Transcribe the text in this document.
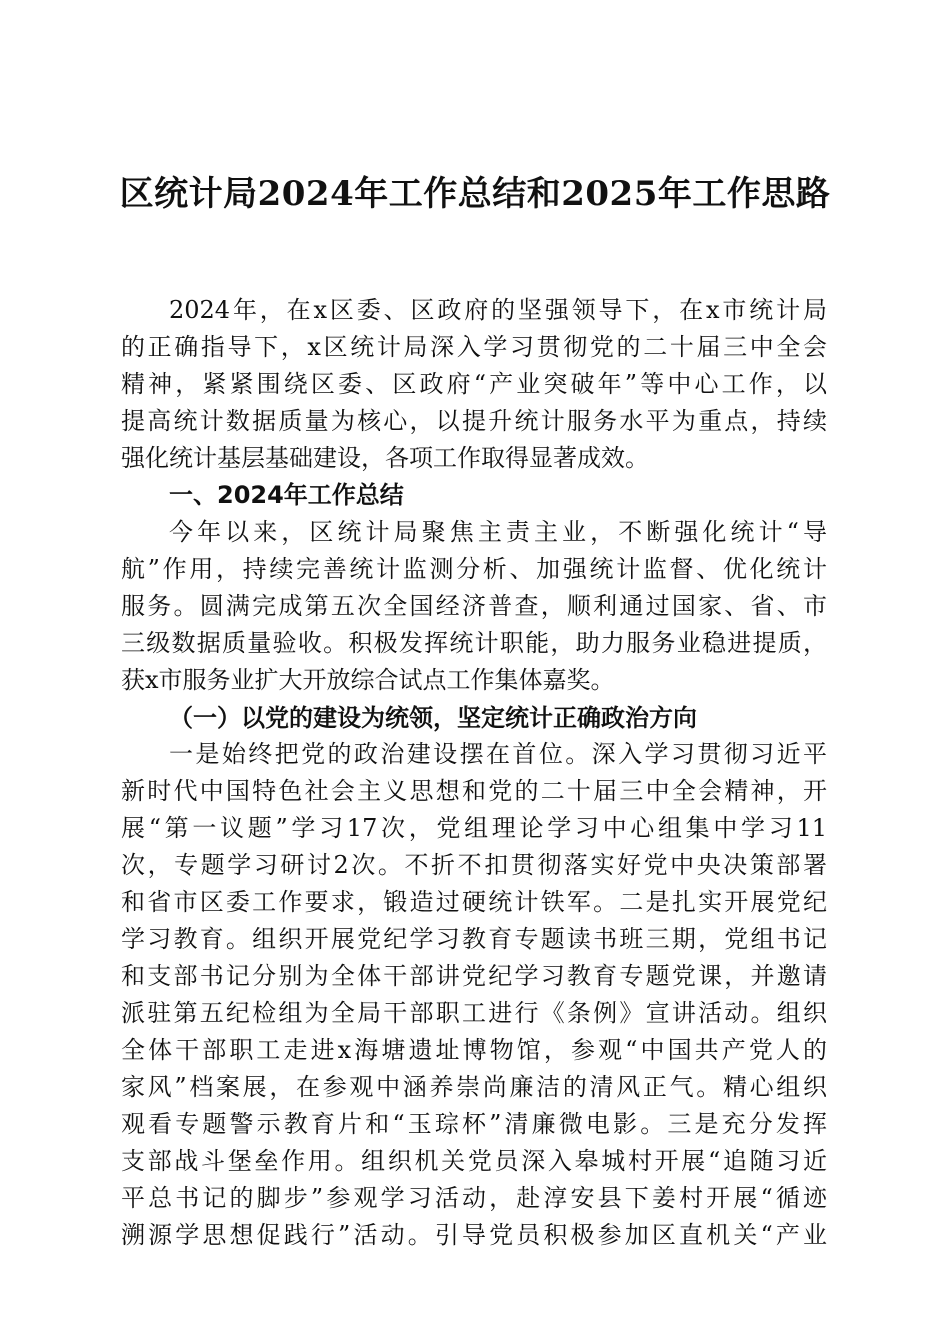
区统计局2024年工作总结和2025年工作思路
2024年，在x区委、区政府的坚强领导下，在x市统计局
的正确指导下，x区统计局深入学习贯彻党的二十届三中全会
精神，紧紧围绕区委、区政府“产业突破年”等中心工作，以
提高统计数据质量为核心，以提升统计服务水平为重点，持续
强化统计基层基础建设，各项工作取得显著成效。
一、2024年工作总结
今年以来，区统计局聚焦主责主业，不断强化统计“导
航”作用，持续完善统计监测分析、加强统计监督、优化统计
服务。圆满完成第五次全国经济普查，顺利通过国家、省、市
三级数据质量验收。积极发挥统计职能，助力服务业稳进提质，
获x市服务业扩大开放综合试点工作集体嘉奖。
（一）以党的建设为统领，坚定统计正确政治方向
一是始终把党的政治建设摆在首位。深入学习贯彻习近平
新时代中国特色社会主义思想和党的二十届三中全会精神，开
展“第一议题”学习17次，党组理论学习中心组集中学习11
次，专题学习研讨2次。不折不扣贯彻落实好党中央决策部署
和省市区委工作要求，锻造过硬统计铁军。二是扎实开展党纪
学习教育。组织开展党纪学习教育专题读书班三期，党组书记
和支部书记分别为全体干部讲党纪学习教育专题党课，并邀请
派驻第五纪检组为全局干部职工进行《条例》宣讲活动。组织
全体干部职工走进x海塘遗址博物馆，参观“中国共产党人的
家风”档案展，在参观中涵养崇尚廉洁的清风正气。精心组织
观看专题警示教育片和“玉琮杯”清廉微电影。三是充分发挥
支部战斗堡垒作用。组织机关党员深入皋城村开展“追随习近
平总书记的脚步”参观学习活动，赴淳安县下姜村开展“循迹
溯源学思想促践行”活动。引导党员积极参加区直机关“产业
